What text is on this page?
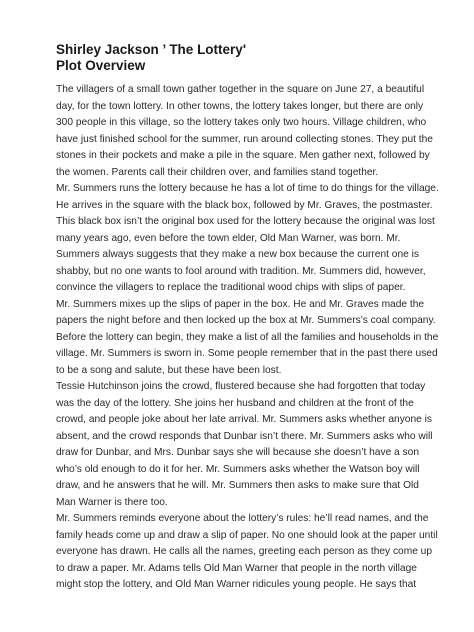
Shirley Jackson ’ The Lottery'
Plot Overview
The villagers of a small town gather together in the square on June 27, a beautiful
day, for the town lottery. In other towns, the lottery takes longer, but there are only
300 people in this village, so the lottery takes only two hours. Village children, who
have just finished school for the summer, run around collecting stones. They put the
stones in their pockets and make a pile in the square. Men gather next, followed by
the women. Parents call their children over, and families stand together.
Mr. Summers runs the lottery because he has a lot of time to do things for the village.
He arrives in the square with the black box, followed by Mr. Graves, the postmaster.
This black box isn’t the original box used for the lottery because the original was lost
many years ago, even before the town elder, Old Man Warner, was born. Mr.
Summers always suggests that they make a new box because the current one is
shabby, but no one wants to fool around with tradition. Mr. Summers did, however,
convince the villagers to replace the traditional wood chips with slips of paper.
Mr. Summers mixes up the slips of paper in the box. He and Mr. Graves made the
papers the night before and then locked up the box at Mr. Summers’s coal company.
Before the lottery can begin, they make a list of all the families and households in the
village. Mr. Summers is sworn in. Some people remember that in the past there used
to be a song and salute, but these have been lost.
Tessie Hutchinson joins the crowd, flustered because she had forgotten that today
was the day of the lottery. She joins her husband and children at the front of the
crowd, and people joke about her late arrival. Mr. Summers asks whether anyone is
absent, and the crowd responds that Dunbar isn’t there. Mr. Summers asks who will
draw for Dunbar, and Mrs. Dunbar says she will because she doesn’t have a son
who’s old enough to do it for her. Mr. Summers asks whether the Watson boy will
draw, and he answers that he will. Mr. Summers then asks to make sure that Old
Man Warner is there too.
Mr. Summers reminds everyone about the lottery’s rules: he’ll read names, and the
family heads come up and draw a slip of paper. No one should look at the paper until
everyone has drawn. He calls all the names, greeting each person as they come up
to draw a paper. Mr. Adams tells Old Man Warner that people in the north village
might stop the lottery, and Old Man Warner ridicules young people. He says that
